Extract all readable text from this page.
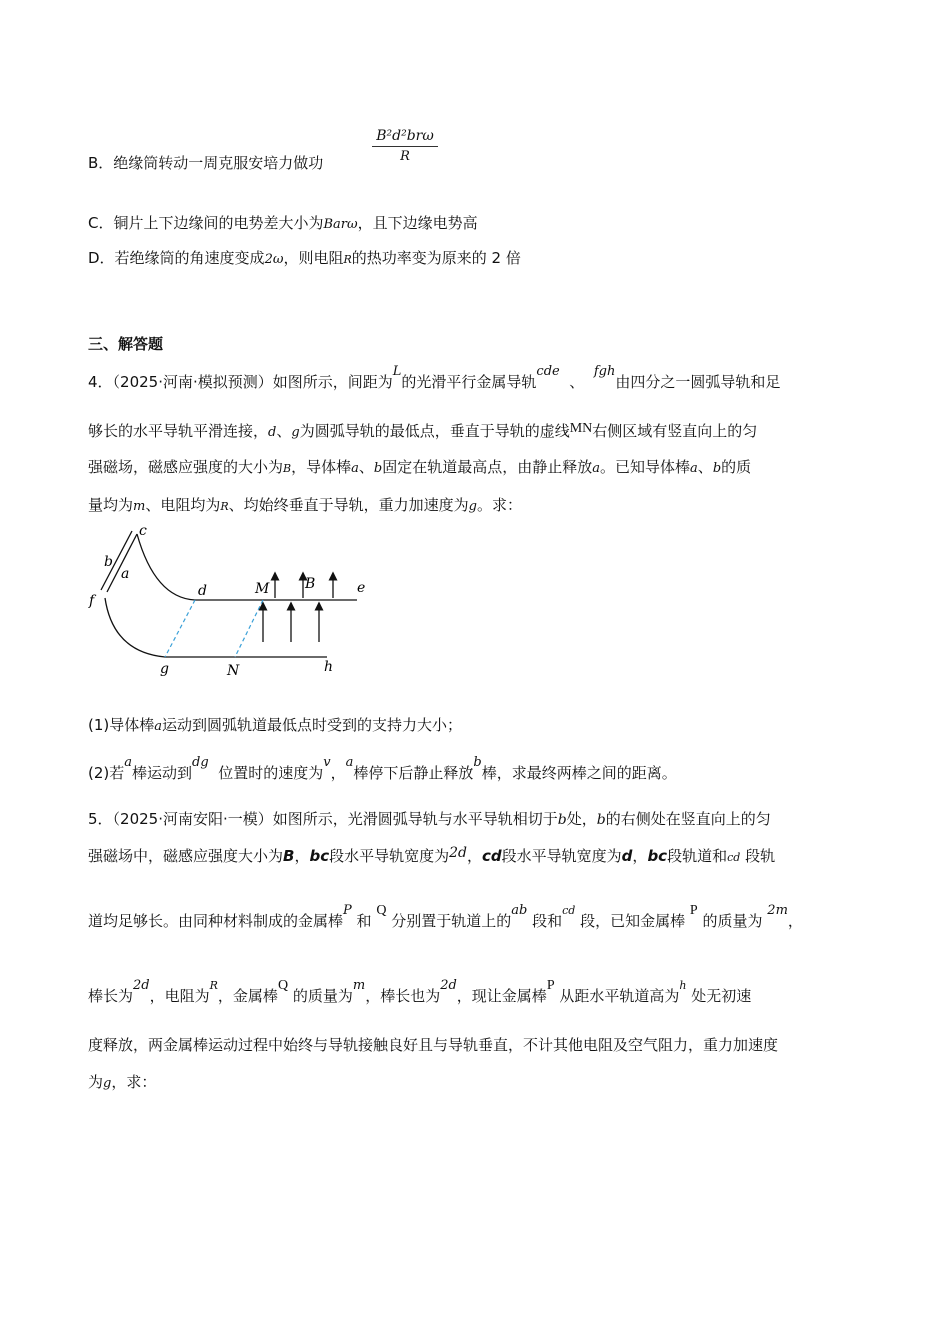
B．绝缘筒转动一周克服安培力做功
B²d²brω
R
C．铜片上下边缘间的电势差大小为Barω，且下边缘电势高
D．若绝缘筒的角速度变成2ω，则电阻R的热功率变为原来的 2 倍
三、解答题
4．（2025·河南·模拟预测）如图所示，间距为L的光滑平行金属导轨cde  、  fgh由四分之一圆弧导轨和足
够长的水平导轨平滑连接，d、g为圆弧导轨的最低点，垂直于导轨的虚线MN右侧区域有竖直向上的匀
强磁场，磁感应强度的大小为B，导体棒a、b固定在轨道最高点，由静止释放a。已知导体棒a、b的质
量均为m、电阻均为R、均始终垂直于导轨，重力加速度为g。求：
c
b
a
f
d	M	B	e
g	N	h
(1)导体棒a运动到圆弧轨道最低点时受到的支持力大小；
(2)若a棒运动到dg  位置时的速度为v，a棒停下后静止释放b棒，求最终两棒之间的距离。
5．（2025·河南安阳·一模）如图所示，光滑圆弧导轨与水平导轨相切于b处，b的右侧处在竖直向上的匀
强磁场中，磁感应强度大小为B，bc段水平导轨宽度为2d，cd段水平导轨宽度为d，bc段轨道和cd 段轨
道均足够长。由同种材料制成的金属棒P 和 Q 分别置于轨道上的ab 段和$^{cd}$ 段，已知金属棒 P 的质量为 2m，
棒长为2d，电阻为$^R$，金属棒Q 的质量为m，棒长也为2d，现让金属棒P 从距水平轨道高为$^h$ 处无初速
度释放，两金属棒运动过程中始终与导轨接触良好且与导轨垂直，不计其他电阻及空气阻力，重力加速度
为g，求：
